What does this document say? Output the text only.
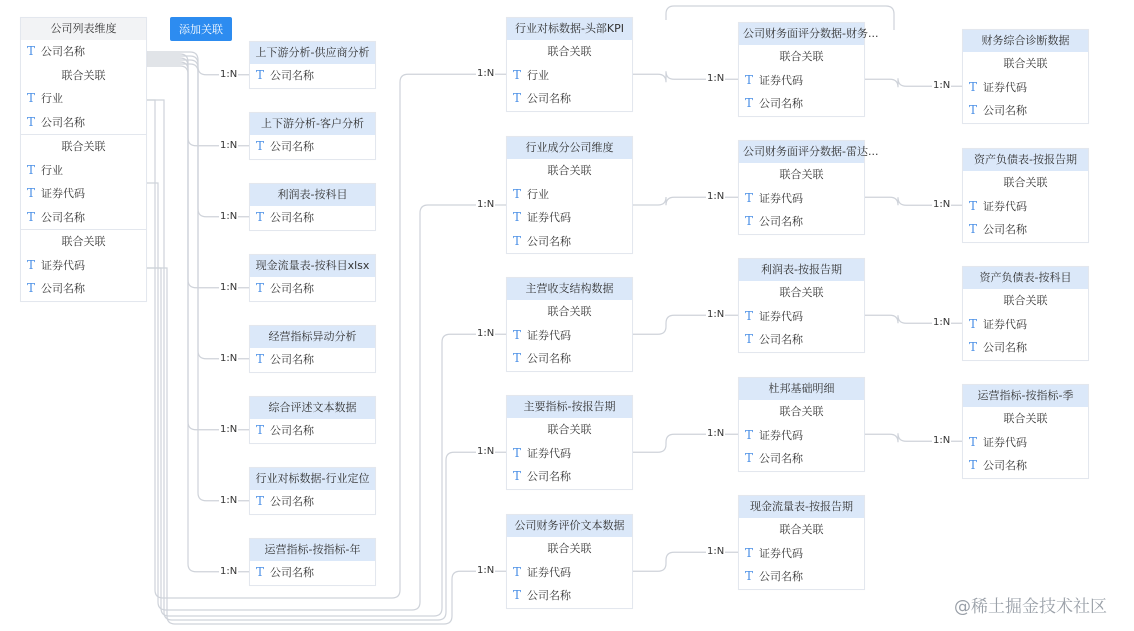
公司列表维度
T 公司名称
联合关联
T 行业
T 公司名称
联合关联
T 行业
T 证券代码
T 公司名称
联合关联
T 证券代码
T 公司名称
添加关联
上下游分析-供应商分析
T 公司名称
1:N
上下游分析-客户分析
T 公司名称
1:N
利润表-按科目
T 公司名称
1:N
现金流量表-按科目xlsx
T 公司名称
1:N
经营指标异动分析
T 公司名称
1:N
综合评述文本数据
T 公司名称
1:N
行业对标数据-行业定位
T 公司名称
1:N
运营指标-按指标-年
T 公司名称
1:N
行业对标数据-头部KPI
联合关联
T 行业
T 公司名称
1:N
行业成分公司维度
联合关联
T 行业
T 证券代码
T 公司名称
1:N
主营收支结构数据
联合关联
T 证券代码
T 公司名称
1:N
主要指标-按报告期
联合关联
T 证券代码
T 公司名称
1:N
公司财务评价文本数据
联合关联
T 证券代码
T 公司名称
1:N
公司财务面评分数据-财务...
联合关联
T 证券代码
T 公司名称
1:N
公司财务面评分数据-雷达...
联合关联
T 证券代码
T 公司名称
1:N
利润表-按报告期
联合关联
T 证券代码
T 公司名称
1:N
杜邦基础明细
联合关联
T 证券代码
T 公司名称
1:N
现金流量表-按报告期
联合关联
T 证券代码
T 公司名称
1:N
财务综合诊断数据
联合关联
T 证券代码
T 公司名称
1:N
资产负债表-按报告期
联合关联
T 证券代码
T 公司名称
1:N
资产负债表-按科目
联合关联
T 证券代码
T 公司名称
1:N
运营指标-按指标-季
联合关联
T 证券代码
T 公司名称
1:N
@稀土掘金技术社区
